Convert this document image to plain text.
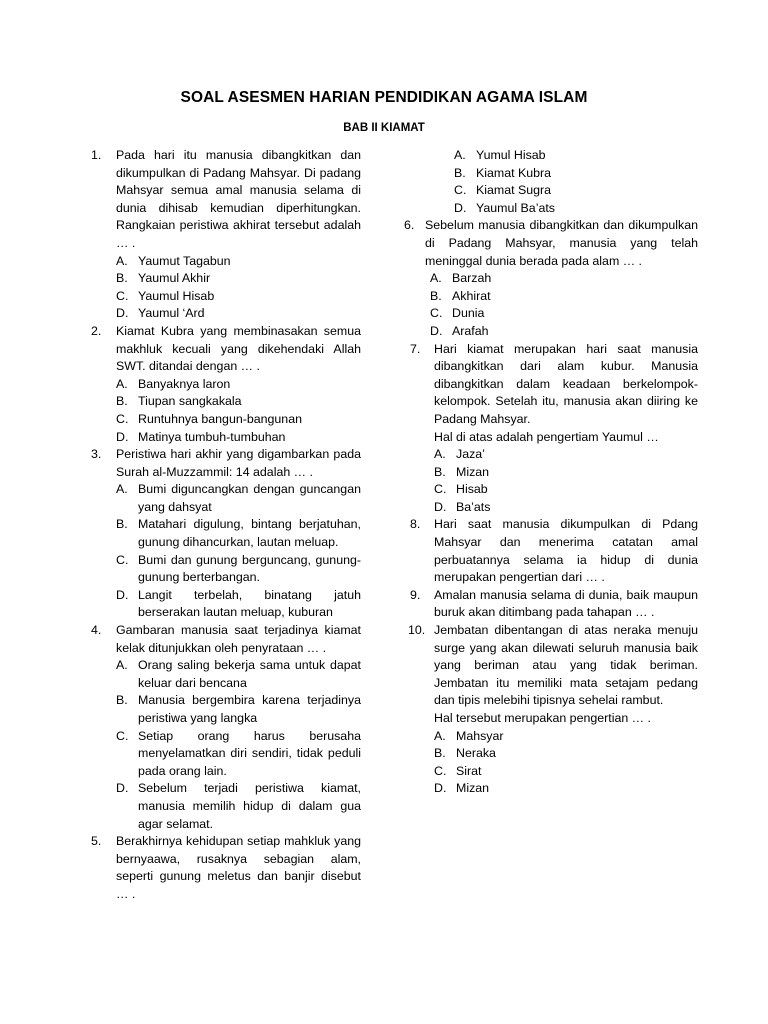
SOAL ASESMEN HARIAN PENDIDIKAN AGAMA ISLAM
BAB II KIAMAT
1. Pada hari itu manusia dibangkitkan dan dikumpulkan di Padang Mahsyar. Di padang Mahsyar semua amal manusia selama di dunia dihisab kemudian diperhitungkan. Rangkaian peristiwa akhirat tersebut adalah … .
A. Yaumut Tagabun
B. Yaumul Akhir
C. Yaumul Hisab
D. Yaumul ‘Ard
2. Kiamat Kubra yang membinasakan semua makhluk kecuali yang dikehendaki Allah SWT. ditandai dengan … .
A. Banyaknya laron
B. Tiupan sangkakala
C. Runtuhnya bangun-bangunan
D. Matinya tumbuh-tumbuhan
3. Peristiwa hari akhir yang digambarkan pada Surah al-Muzzammil: 14 adalah … .
A. Bumi diguncangkan dengan guncangan yang dahsyat
B. Matahari digulung, bintang berjatuhan, gunung dihancurkan, lautan meluap.
C. Bumi dan gunung berguncang, gunung-gunung berterbangan.
D. Langit terbelah, binatang jatuh berserakan lautan meluap, kuburan
4. Gambaran manusia saat terjadinya kiamat kelak ditunjukkan oleh penyrataan … .
A. Orang saling bekerja sama untuk dapat keluar dari bencana
B. Manusia bergembira karena terjadinya peristiwa yang langka
C. Setiap orang harus berusaha menyelamatkan diri sendiri, tidak peduli pada orang lain.
D. Sebelum terjadi peristiwa kiamat, manusia memilih hidup di dalam gua agar selamat.
5. Berakhirnya kehidupan setiap mahkluk yang bernyaawa, rusaknya sebagian alam, seperti gunung meletus dan banjir disebut … .
A. Yumul Hisab
B. Kiamat Kubra
C. Kiamat Sugra
D. Yaumul Ba’ats
6. Sebelum manusia dibangkitkan dan dikumpulkan di Padang Mahsyar, manusia yang telah meninggal dunia berada pada alam … .
A. Barzah
B. Akhirat
C. Dunia
D. Arafah
7. Hari kiamat merupakan hari saat manusia dibangkitkan dari alam kubur. Manusia dibangkitkan dalam keadaan berkelompok-kelompok. Setelah itu, manusia akan diiring ke Padang Mahsyar.
Hal di atas adalah pengertiam Yaumul …
A. Jaza’
B. Mizan
C. Hisab
D. Ba’ats
8. Hari saat manusia dikumpulkan di Pdang Mahsyar dan menerima catatan amal perbuatannya selama ia hidup di dunia merupakan pengertian dari … .
9. Amalan manusia selama di dunia, baik maupun buruk akan ditimbang pada tahapan … .
10. Jembatan dibentangan di atas neraka menuju surge yang akan dilewati seluruh manusia baik yang beriman atau yang tidak beriman. Jembatan itu memiliki mata setajam pedang dan tipis melebihi tipisnya sehelai rambut.
Hal tersebut merupakan pengertian … .
A. Mahsyar
B. Neraka
C. Sirat
D. Mizan
